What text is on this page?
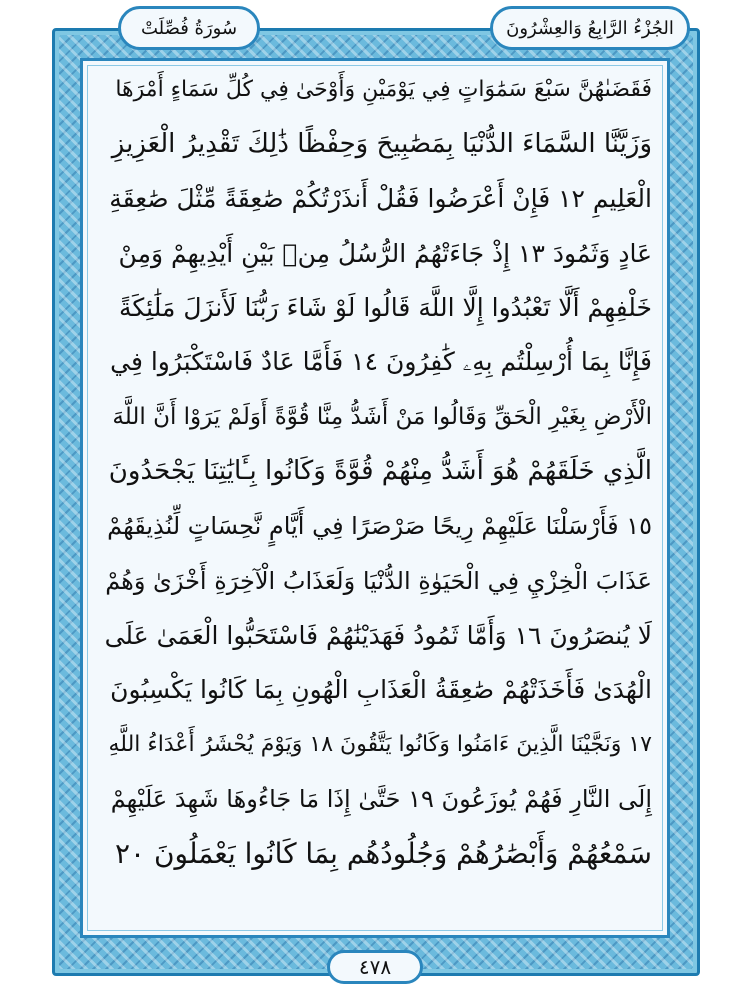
الجُزْءُ الرَّابِعُ وَالعِشْرُونَ
سُورَةُ فُصِّلَتْ
فَقَضَىٰهُنَّ سَبْعَ سَمَٰوَاتٍ فِي يَوْمَيْنِ وَأَوْحَىٰ فِي كُلِّ سَمَاءٍ أَمْرَهَا
وَزَيَّنَّا السَّمَاءَ الدُّنْيَا بِمَصَٰبِيحَ وَحِفْظًا ذَٰلِكَ تَقْدِيرُ الْعَزِيزِ
الْعَلِيمِ ١٢ فَإِنْ أَعْرَضُوا فَقُلْ أَنذَرْتُكُمْ صَٰعِقَةً مِّثْلَ صَٰعِقَةِ
عَادٍ وَثَمُودَ ١٣ إِذْ جَاءَتْهُمُ الرُّسُلُ مِنۢ بَيْنِ أَيْدِيهِمْ وَمِنْ
خَلْفِهِمْ أَلَّا تَعْبُدُوا إِلَّا اللَّهَ قَالُوا لَوْ شَاءَ رَبُّنَا لَأَنزَلَ مَلَٰئِكَةً
فَإِنَّا بِمَا أُرْسِلْتُم بِهِۦ كَٰفِرُونَ ١٤ فَأَمَّا عَادٌ فَاسْتَكْبَرُوا فِي
الْأَرْضِ بِغَيْرِ الْحَقِّ وَقَالُوا مَنْ أَشَدُّ مِنَّا قُوَّةً أَوَلَمْ يَرَوْا أَنَّ اللَّهَ
الَّذِي خَلَقَهُمْ هُوَ أَشَدُّ مِنْهُمْ قُوَّةً وَكَانُوا بِـَٔايَٰتِنَا يَجْحَدُونَ
١٥ فَأَرْسَلْنَا عَلَيْهِمْ رِيحًا صَرْصَرًا فِي أَيَّامٍ نَّحِسَاتٍ لِّنُذِيقَهُمْ
عَذَابَ الْخِزْيِ فِي الْحَيَوٰةِ الدُّنْيَا وَلَعَذَابُ الْآخِرَةِ أَخْزَىٰ وَهُمْ
لَا يُنصَرُونَ ١٦ وَأَمَّا ثَمُودُ فَهَدَيْنَٰهُمْ فَاسْتَحَبُّوا الْعَمَىٰ عَلَى
الْهُدَىٰ فَأَخَذَتْهُمْ صَٰعِقَةُ الْعَذَابِ الْهُونِ بِمَا كَانُوا يَكْسِبُونَ
١٧ وَنَجَّيْنَا الَّذِينَ ءَامَنُوا وَكَانُوا يَتَّقُونَ ١٨ وَيَوْمَ يُحْشَرُ أَعْدَاءُ اللَّهِ
إِلَى النَّارِ فَهُمْ يُوزَعُونَ ١٩ حَتَّىٰ إِذَا مَا جَاءُوهَا شَهِدَ عَلَيْهِمْ
سَمْعُهُمْ وَأَبْصَٰرُهُمْ وَجُلُودُهُم بِمَا كَانُوا يَعْمَلُونَ ٢٠
٤٧٨
